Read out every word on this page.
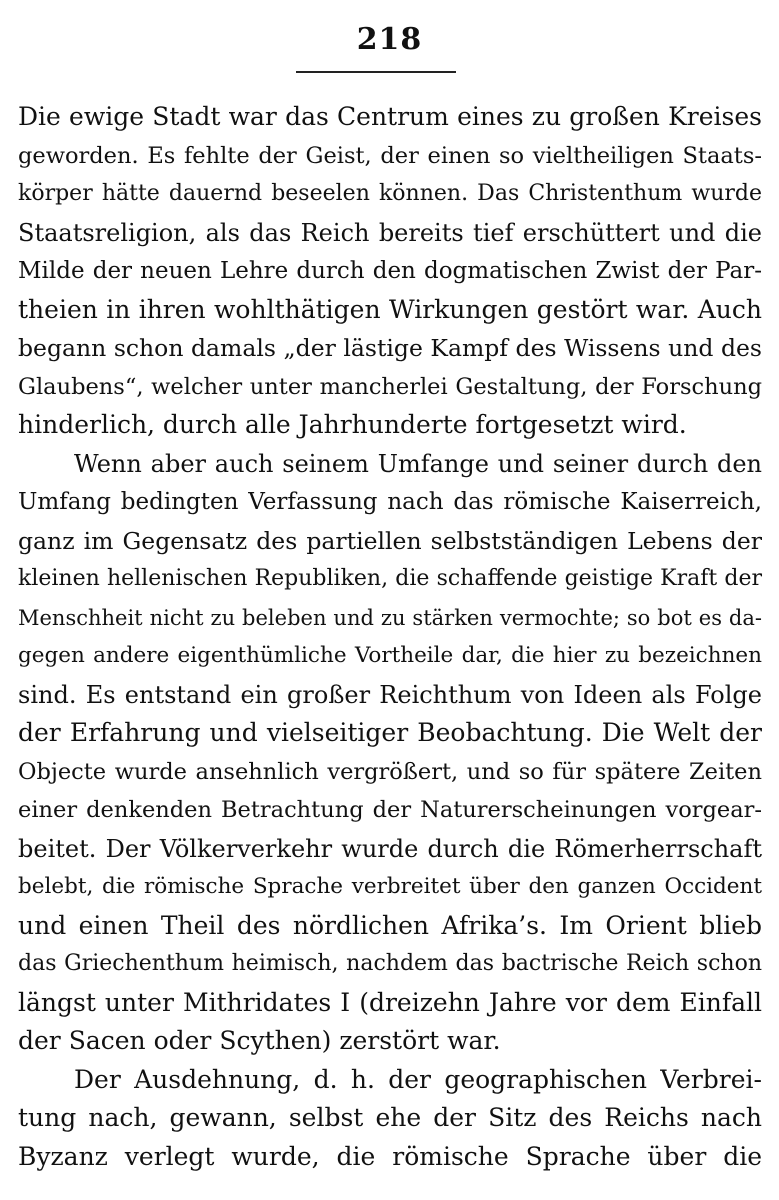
218
Die ewige Stadt war das Centrum eines zu großen Kreises
geworden. Es fehlte der Geist, der einen so vieltheiligen Staats-
körper hätte dauernd beseelen können. Das Christenthum wurde
Staatsreligion, als das Reich bereits tief erschüttert und die
Milde der neuen Lehre durch den dogmatischen Zwist der Par-
theien in ihren wohlthätigen Wirkungen gestört war. Auch
begann schon damals „der lästige Kampf des Wissens und des
Glaubens“, welcher unter mancherlei Gestaltung, der Forschung
hinderlich, durch alle Jahrhunderte fortgesetzt wird.
Wenn aber auch seinem Umfange und seiner durch den
Umfang bedingten Verfassung nach das römische Kaiserreich,
ganz im Gegensatz des partiellen selbstständigen Lebens der
kleinen hellenischen Republiken, die schaffende geistige Kraft der
Menschheit nicht zu beleben und zu stärken vermochte; so bot es da-
gegen andere eigenthümliche Vortheile dar, die hier zu bezeichnen
sind. Es entstand ein großer Reichthum von Ideen als Folge
der Erfahrung und vielseitiger Beobachtung. Die Welt der
Objecte wurde ansehnlich vergrößert, und so für spätere Zeiten
einer denkenden Betrachtung der Naturerscheinungen vorgear-
beitet. Der Völkerverkehr wurde durch die Römerherrschaft
belebt, die römische Sprache verbreitet über den ganzen Occident
und einen Theil des nördlichen Afrika’s. Im Orient blieb
das Griechenthum heimisch, nachdem das bactrische Reich schon
längst unter Mithridates I (dreizehn Jahre vor dem Einfall
der Sacen oder Scythen) zerstört war.
Der Ausdehnung, d. h. der geographischen Verbrei-
tung nach, gewann, selbst ehe der Sitz des Reichs nach
Byzanz verlegt wurde, die römische Sprache über die
